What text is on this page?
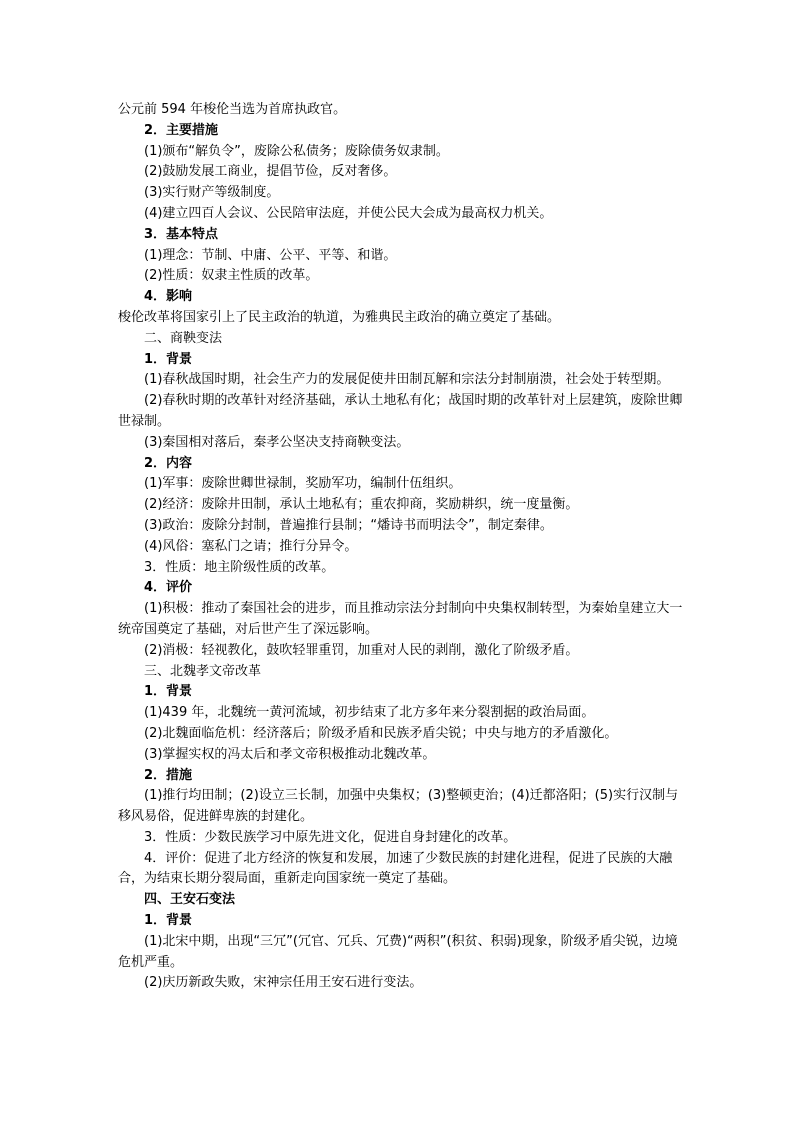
公元前 594 年梭伦当选为首席执政官。

2．主要措施

(1)颁布“解负令”，废除公私债务；废除债务奴隶制。

(2)鼓励发展工商业，提倡节俭，反对奢侈。

(3)实行财产等级制度。

(4)建立四百人会议、公民陪审法庭，并使公民大会成为最高权力机关。

3．基本特点

(1)理念：节制、中庸、公平、平等、和谐。

(2)性质：奴隶主性质的改革。

4．影响

梭伦改革将国家引上了民主政治的轨道，为雅典民主政治的确立奠定了基础。

二、商鞅变法

1．背景

(1)春秋战国时期，社会生产力的发展促使井田制瓦解和宗法分封制崩溃，社会处于转型期。

(2)春秋时期的改革针对经济基础，承认土地私有化；战国时期的改革针对上层建筑，废除世卿世禄制。

(3)秦国相对落后，秦孝公坚决支持商鞅变法。

2．内容

(1)军事：废除世卿世禄制，奖励军功，编制什伍组织。

(2)经济：废除井田制，承认土地私有；重农抑商，奖励耕织，统一度量衡。

(3)政治：废除分封制，普遍推行县制；“燔诗书而明法令”，制定秦律。

(4)风俗：塞私门之请；推行分异令。

3．性质：地主阶级性质的改革。

4．评价

(1)积极：推动了秦国社会的进步，而且推动宗法分封制向中央集权制转型，为秦始皇建立大一统帝国奠定了基础，对后世产生了深远影响。

(2)消极：轻视教化，鼓吹轻罪重罚，加重对人民的剥削，激化了阶级矛盾。

三、北魏孝文帝改革

1．背景

(1)439 年，北魏统一黄河流域，初步结束了北方多年来分裂割据的政治局面。

(2)北魏面临危机：经济落后；阶级矛盾和民族矛盾尖锐；中央与地方的矛盾激化。

(3)掌握实权的冯太后和孝文帝积极推动北魏改革。

2．措施

(1)推行均田制；(2)设立三长制，加强中央集权；(3)整顿吏治；(4)迁都洛阳；(5)实行汉制与移风易俗，促进鲜卑族的封建化。

3．性质：少数民族学习中原先进文化，促进自身封建化的改革。

4．评价：促进了北方经济的恢复和发展，加速了少数民族的封建化进程，促进了民族的大融合，为结束长期分裂局面，重新走向国家统一奠定了基础。

四、王安石变法

1．背景

(1)北宋中期，出现“三冗”(冗官、冗兵、冗费)“两积”(积贫、积弱)现象，阶级矛盾尖锐，边境危机严重。

(2)庆历新政失败，宋神宗任用王安石进行变法。
